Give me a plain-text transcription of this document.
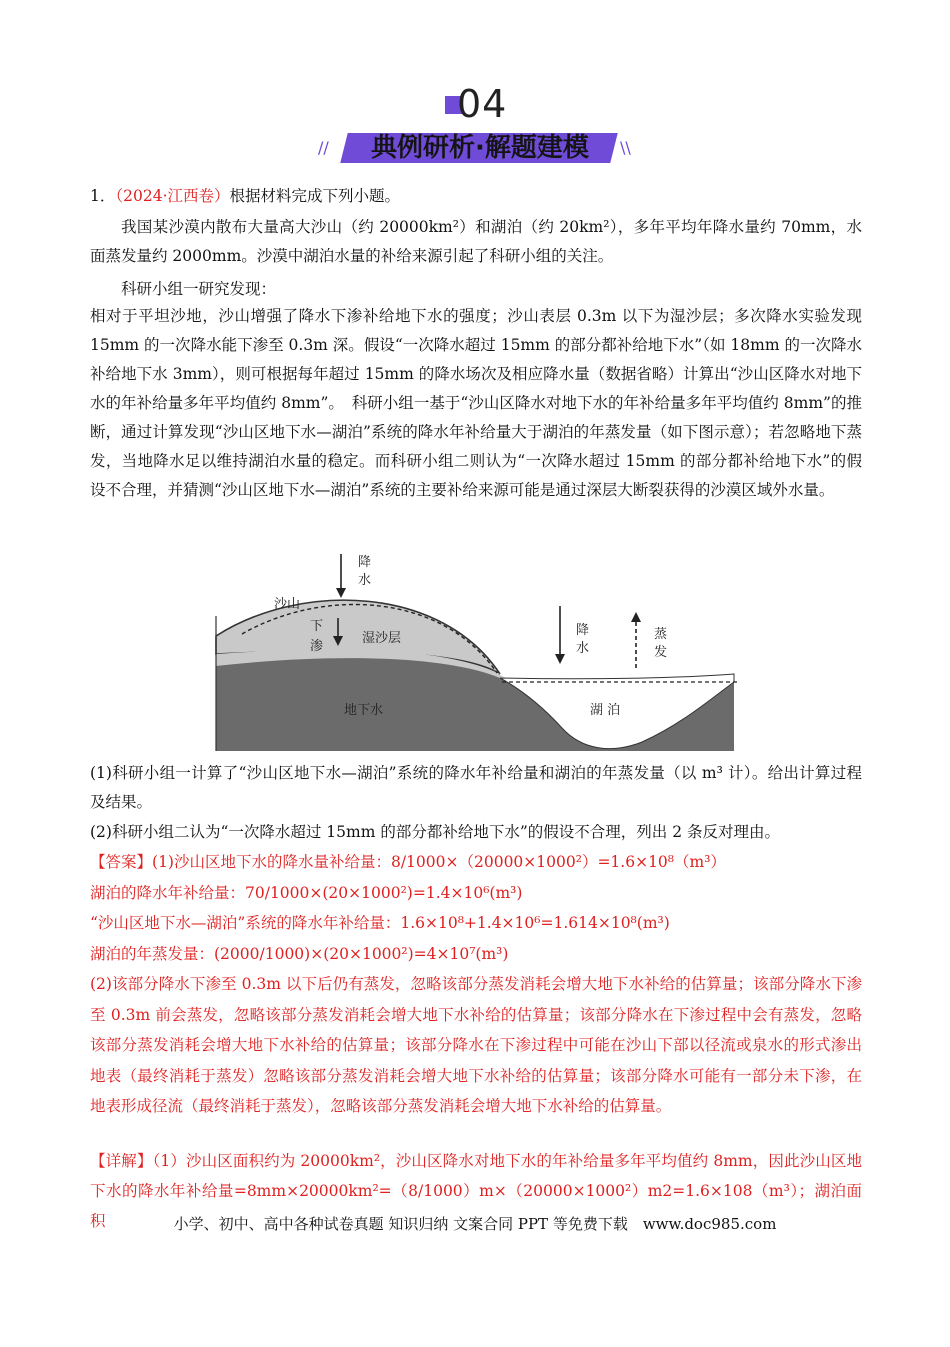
04
//	典例研析·解题建模	\\
1．（2024·江西卷）根据材料完成下列小题。
我国某沙漠内散布大量高大沙山（约 20000km²）和湖泊（约 20km²），多年平均年降水量约 70mm，水面蒸发量约 2000mm。沙漠中湖泊水量的补给来源引起了科研小组的关注。
科研小组一研究发现：
相对于平坦沙地，沙山增强了降水下渗补给地下水的强度；沙山表层 0.3m 以下为湿沙层；多次降水实验发现 15mm 的一次降水能下渗至 0.3m 深。假设“一次降水超过 15mm 的部分都补给地下水”（如 18mm 的一次降水补给地下水 3mm），则可根据每年超过 15mm 的降水场次及相应降水量（数据省略）计算出“沙山区降水对地下水的年补给量多年平均值约 8mm”。　科研小组一基于“沙山区降水对地下水的年补给量多年平均值约 8mm”的推断，通过计算发现“沙山区地下水—湖泊”系统的降水年补给量大于湖泊的年蒸发量（如下图示意）；若忽略地下蒸发，当地降水足以维持湖泊水量的稳定。而科研小组二则认为“一次降水超过 15mm 的部分都补给地下水”的假设不合理，并猜测“沙山区地下水—湖泊”系统的主要补给来源可能是通过深层大断裂获得的沙漠区域外水量。
降
水
沙山
下
渗
湿沙层
降
水
蒸
发
地下水	湖 泊
(1)科研小组一计算了“沙山区地下水—湖泊”系统的降水年补给量和湖泊的年蒸发量（以 m³ 计）。给出计算过程及结果。
(2)科研小组二认为“一次降水超过 15mm 的部分都补给地下水”的假设不合理，列出 2 条反对理由。
【答案】(1)沙山区地下水的降水量补给量：8/1000×（20000×1000²）=1.6×10⁸（m³）
湖泊的降水年补给量：70/1000×(20×1000²)=1.4×10⁶(m³)
“沙山区地下水—湖泊”系统的降水年补给量：1.6×10⁸+1.4×10⁶=1.614×10⁸(m³)
湖泊的年蒸发量：(2000/1000)×(20×1000²)=4×10⁷(m³)
(2)该部分降水下渗至 0.3m 以下后仍有蒸发，忽略该部分蒸发消耗会增大地下水补给的估算量；该部分降水下渗至 0.3m 前会蒸发，忽略该部分蒸发消耗会增大地下水补给的估算量；该部分降水在下渗过程中会有蒸发，忽略该部分蒸发消耗会增大地下水补给的估算量；该部分降水在下渗过程中可能在沙山下部以径流或泉水的形式渗出地表（最终消耗于蒸发）忽略该部分蒸发消耗会增大地下水补给的估算量；该部分降水可能有一部分未下渗，在地表形成径流（最终消耗于蒸发），忽略该部分蒸发消耗会增大地下水补给的估算量。
【详解】（1）沙山区面积约为 20000km²，沙山区降水对地下水的年补给量多年平均值约 8mm，因此沙山区地下水的降水年补给量=8mm×20000km²=（8/1000）m×（20000×1000²）m2=1.6×108（m³）；湖泊面积	小学、初中、高中各种试卷真题 知识归纳 文案合同 PPT 等免费下载　www.doc985.com
